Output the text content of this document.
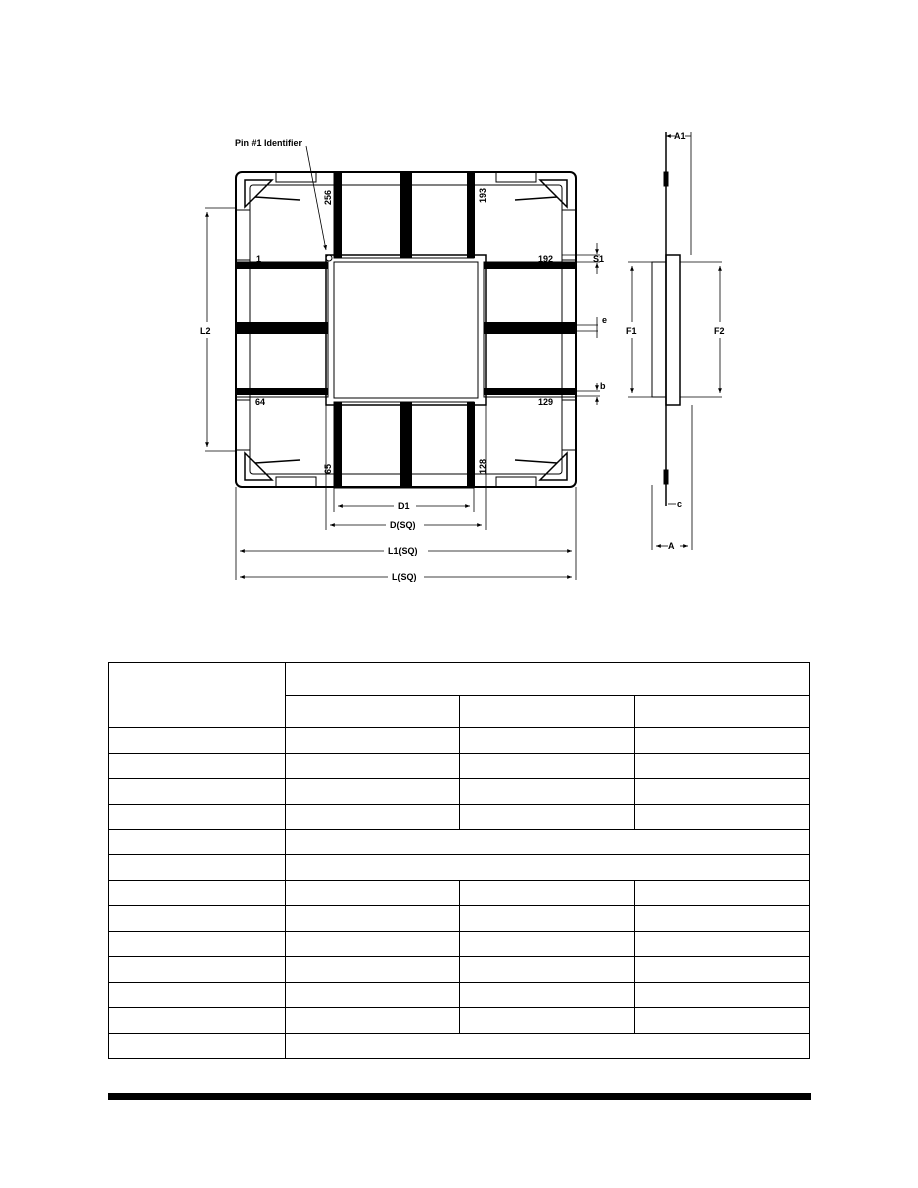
Pin #1 Identifier
1
64	129
192
256	193
65	128
L2
S1
e
b
D1
D(SQ)
L1(SQ)
L(SQ)
A1
F1	F2
c
A
